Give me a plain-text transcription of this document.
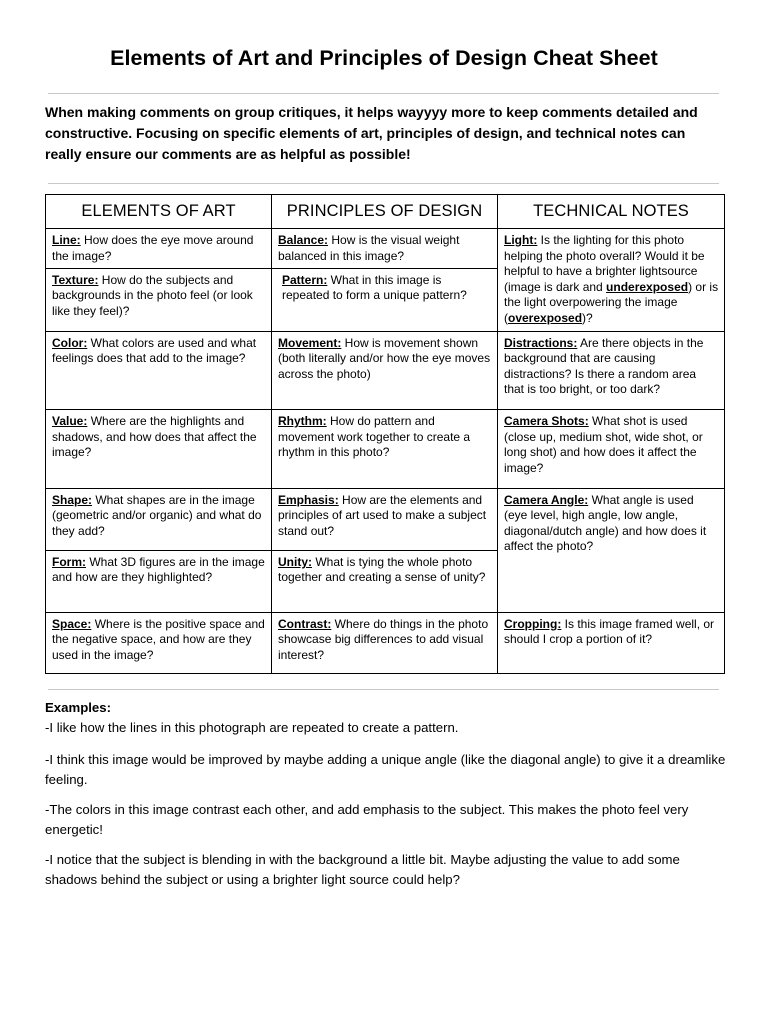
Elements of Art and Principles of Design Cheat Sheet

When making comments on group critiques, it helps wayyyy more to keep comments detailed and constructive. Focusing on specific elements of art, principles of design, and technical notes can really ensure our comments are as helpful as possible!

ELEMENTS OF ART	PRINCIPLES OF DESIGN	TECHNICAL NOTES
Line: How does the eye move around the image?	Balance: How is the visual weight balanced in this image?	Light: Is the lighting for this photo helping the photo overall? Would it be helpful to have a brighter lightsource (image is dark and underexposed) or is the light overpowering the image (overexposed)?
Texture: How do the subjects and backgrounds in the photo feel (or look like they feel)?	Pattern: What in this image is repeated to form a unique pattern?	
Color: What colors are used and what feelings does that add to the image?	Movement: How is movement shown (both literally and/or how the eye moves across the photo)	Distractions: Are there objects in the background that are causing distractions? Is there a random area that is too bright, or too dark?
Value: Where are the highlights and shadows, and how does that affect the image?	Rhythm: How do pattern and movement work together to create a rhythm in this photo?	Camera Shots: What shot is used (close up, medium shot, wide shot, or long shot) and how does it affect the image?
Shape: What shapes are in the image (geometric and/or organic) and what do they add?	Emphasis: How are the elements and principles of art used to make a subject stand out?	Camera Angle: What angle is used (eye level, high angle, low angle, diagonal/dutch angle) and how does it affect the photo?
Form: What 3D figures are in the image and how are they highlighted?	Unity: What is tying the whole photo together and creating a sense of unity?	
Space: Where is the positive space and the negative space, and how are they used in the image?	Contrast: Where do things in the photo showcase big differences to add visual interest?	Cropping: Is this image framed well, or should I crop a portion of it?
Examples:

-I like how the lines in this photograph are repeated to create a pattern.

-I think this image would be improved by maybe adding a unique angle (like the diagonal angle) to give it a dreamlike feeling.

-The colors in this image contrast each other, and add emphasis to the subject. This makes the photo feel very energetic!

-I notice that the subject is blending in with the background a little bit. Maybe adjusting the value to add some shadows behind the subject or using a brighter light source could help?
